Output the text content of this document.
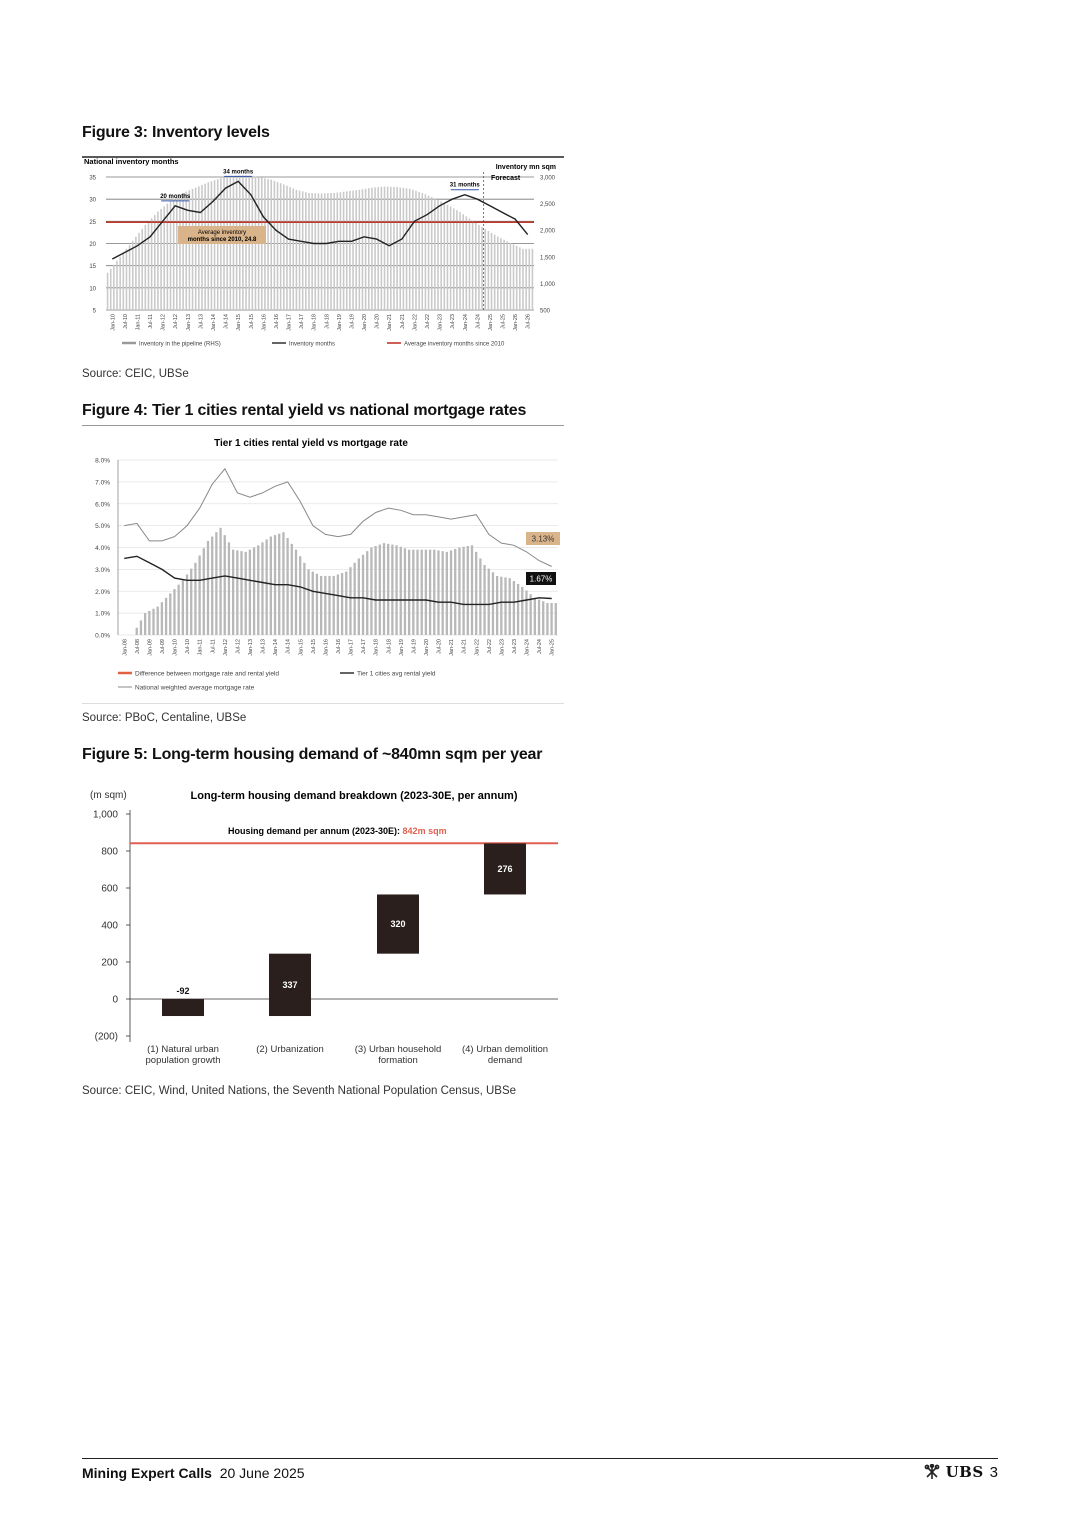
Figure 3: Inventory levels
National inventory months
Inventory mn sqm
5
10
15
20
25
30
35
500
1,000
1,500
2,000
2,500
3,000
Jan-10 Jul-10 Jan-11 Jul-11 Jan-12 Jul-12 Jan-13 Jul-13 Jan-14 Jul-14 Jan-15 Jul-15 Jan-16 Jul-16 Jan-17 Jul-17 Jan-18 Jul-18 Jan-19 Jul-19 Jan-20 Jul-20 Jan-21 Jul-21 Jan-22 Jul-22 Jan-23 Jul-23 Jan-24 Jul-24 Jan-25 Jul-25 Jan-26 Jul-26
Forecast
20 months
34 months
31 months
Average inventory
months since 2010, 24.8
Inventory in the pipeline (RHS)	Inventory months	Average inventory months since 2010
Source: CEIC, UBSe
Figure 4: Tier 1 cities rental yield vs national mortgage rates
Tier 1 cities rental yield vs mortgage rate
0.0%
1.0%
2.0%
3.0%
4.0%
5.0%
6.0%
7.0%
8.0%
Jan-08 Jul-08 Jan-09 Jul-09 Jan-10 Jul-10 Jan-11 Jul-11 Jan-12 Jul-12 Jan-13 Jul-13 Jan-14 Jul-14 Jan-15 Jul-15 Jan-16 Jul-16 Jan-17 Jul-17 Jan-18 Jul-18 Jan-19 Jul-19 Jan-20 Jul-20 Jan-21 Jul-21 Jan-22 Jul-22 Jan-23 Jul-23 Jan-24 Jul-24 Jan-25
3.13%
1.67%
Difference between mortgage rate and rental yield	Tier 1 cities avg rental yield
National weighted average mortgage rate
Source: PBoC, Centaline, UBSe
Figure 5: Long-term housing demand of ~840mn sqm per year
(m sqm)	Long-term housing demand breakdown (2023-30E, per annum)
(200)
0
200
400
600
800
1,000
Housing demand per annum (2023-30E): 842m sqm
-92
337
320
276
(1) Natural urban population growth
(2) Urbanization	(3) Urban household formation
(4) Urban demolition demand
Source: CEIC, Wind, United Nations, the Seventh National Population Census, UBSe
Mining Expert Calls 20 June 2025	UBS 3
